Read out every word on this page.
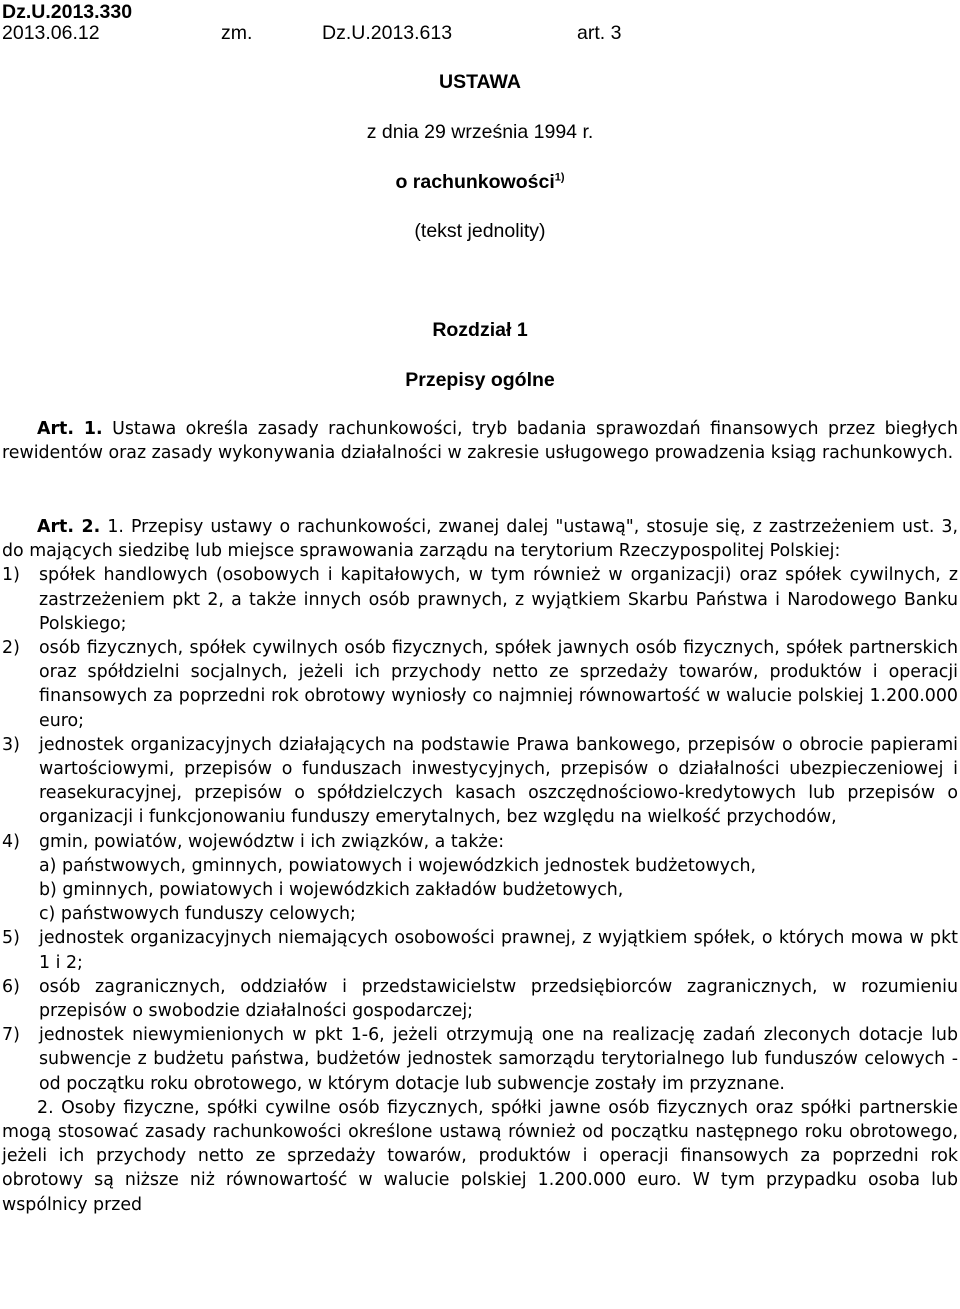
Dz.U.2013.330
2013.06.12	zm.	Dz.U.2013.613	art. 3
USTAWA
z dnia 29 września 1994 r.
o rachunkowości$^{1)}$
(tekst jednolity)
Rozdział 1
Przepisy ogólne

Art. 1. Ustawa określa zasady rachunkowości, tryb badania sprawozdań finansowych przez biegłych rewidentów oraz zasady wykonywania działalności w zakresie usługowego prowadzenia ksiąg rachunkowych.

Art. 2. 1. Przepisy ustawy o rachunkowości, zwanej dalej "ustawą", stosuje się, z zastrzeżeniem ust. 3, do mających siedzibę lub miejsce sprawowania zarządu na terytorium Rzeczypospolitej Polskiej:

1) spółek handlowych (osobowych i kapitałowych, w tym również w organizacji) oraz spółek cywilnych, z zastrzeżeniem pkt 2, a także innych osób prawnych, z wyjątkiem Skarbu Państwa i Narodowego Banku Polskiego;
2) osób fizycznych, spółek cywilnych osób fizycznych, spółek jawnych osób fizycznych, spółek partnerskich oraz spółdzielni socjalnych, jeżeli ich przychody netto ze sprzedaży towarów, produktów i operacji finansowych za poprzedni rok obrotowy wyniosły co najmniej równowartość w walucie polskiej 1.200.000 euro;
3) jednostek organizacyjnych działających na podstawie Prawa bankowego, przepisów o obrocie papierami wartościowymi, przepisów o funduszach inwestycyjnych, przepisów o działalności ubezpieczeniowej i reasekuracyjnej, przepisów o spółdzielczych kasach oszczędnościowo-kredytowych lub przepisów o organizacji i funkcjonowaniu funduszy emerytalnych, bez względu na wielkość przychodów,
4) gmin, powiatów, województw i ich związków, a także:
a) państwowych, gminnych, powiatowych i wojewódzkich jednostek budżetowych,
b) gminnych, powiatowych i wojewódzkich zakładów budżetowych,
c) państwowych funduszy celowych;
5) jednostek organizacyjnych niemających osobowości prawnej, z wyjątkiem spółek, o których mowa w pkt 1 i 2;
6) osób zagranicznych, oddziałów i przedstawicielstw przedsiębiorców zagranicznych, w rozumieniu przepisów o swobodzie działalności gospodarczej;
7) jednostek niewymienionych w pkt 1-6, jeżeli otrzymują one na realizację zadań zleconych dotacje lub subwencje z budżetu państwa, budżetów jednostek samorządu terytorialnego lub funduszów celowych - od początku roku obrotowego, w którym dotacje lub subwencje zostały im przyznane.

2. Osoby fizyczne, spółki cywilne osób fizycznych, spółki jawne osób fizycznych oraz spółki partnerskie mogą stosować zasady rachunkowości określone ustawą również od początku następnego roku obrotowego, jeżeli ich przychody netto ze sprzedaży towarów, produktów i operacji finansowych za poprzedni rok obrotowy są niższe niż równowartość w walucie polskiej 1.200.000 euro. W tym przypadku osoba lub wspólnicy przed
